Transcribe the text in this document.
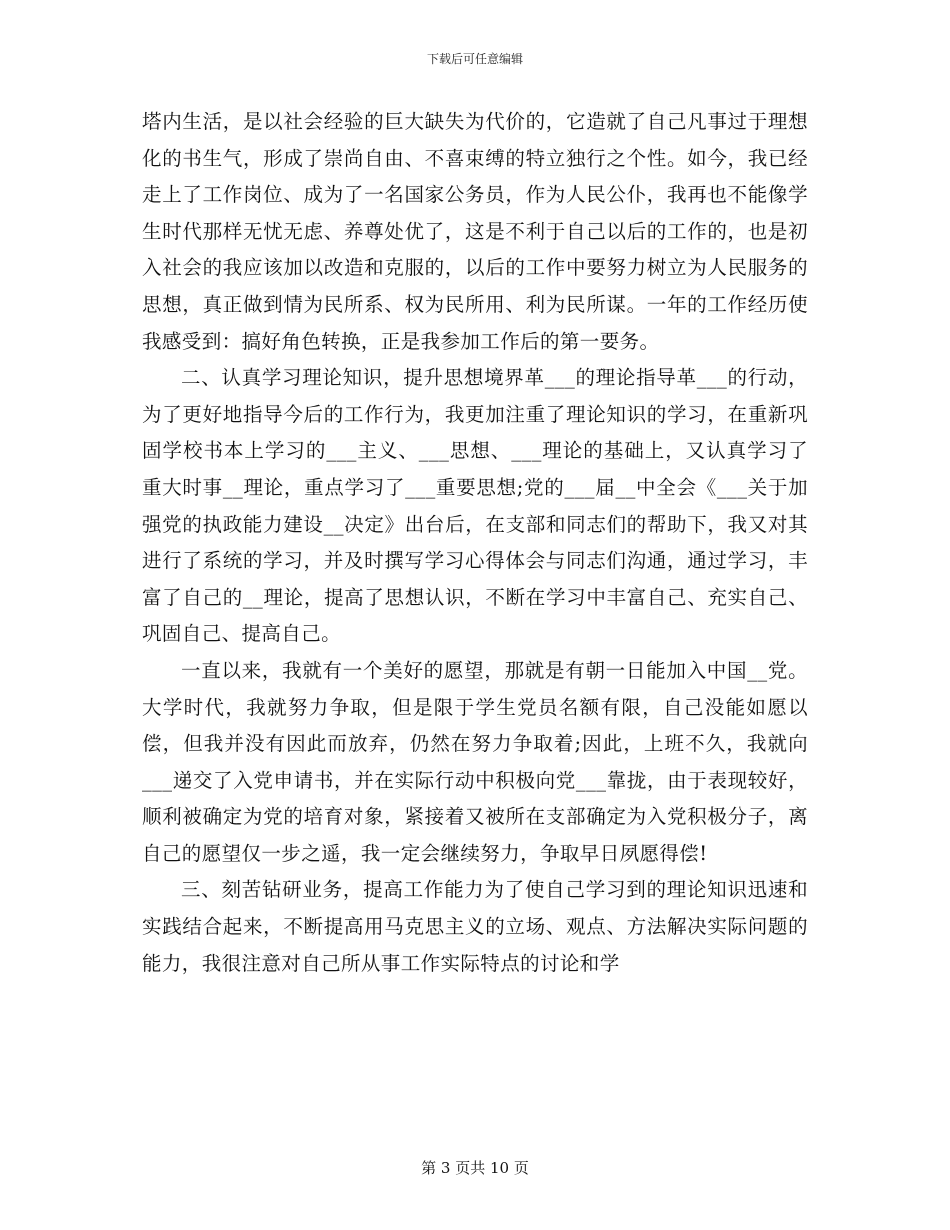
下载后可任意编辑

塔内生活，是以社会经验的巨大缺失为代价的，它造就了自己凡事过于理想化的书生气，形成了崇尚自由、不喜束缚的特立独行之个性。如今，我已经走上了工作岗位、成为了一名国家公务员，作为人民公仆，我再也不能像学生时代那样无忧无虑、养尊处优了，这是不利于自己以后的工作的，也是初入社会的我应该加以改造和克服的，以后的工作中要努力树立为人民服务的思想，真正做到情为民所系、权为民所用、利为民所谋。一年的工作经历使我感受到：搞好角色转换，正是我参加工作后的第一要务。

二、认真学习理论知识，提升思想境界革___的理论指导革___的行动，为了更好地指导今后的工作行为，我更加注重了理论知识的学习，在重新巩固学校书本上学习的___主义、___思想、___理论的基础上，又认真学习了重大时事__理论，重点学习了___重要思想;党的___届__中全会《___关于加强党的执政能力建设__决定》出台后，在支部和同志们的帮助下，我又对其进行了系统的学习，并及时撰写学习心得体会与同志们沟通，通过学习，丰富了自己的__理论，提高了思想认识，不断在学习中丰富自己、充实自己、巩固自己、提高自己。

一直以来，我就有一个美好的愿望，那就是有朝一日能加入中国__党。大学时代，我就努力争取，但是限于学生党员名额有限，自己没能如愿以偿，但我并没有因此而放弃，仍然在努力争取着;因此，上班不久，我就向___递交了入党申请书，并在实际行动中积极向党___靠拢，由于表现较好，顺利被确定为党的培育对象，紧接着又被所在支部确定为入党积极分子，离自己的愿望仅一步之遥，我一定会继续努力，争取早日夙愿得偿!

三、刻苦钻研业务，提高工作能力为了使自己学习到的理论知识迅速和实践结合起来，不断提高用马克思主义的立场、观点、方法解决实际问题的能力，我很注意对自己所从事工作实际特点的讨论和学

第 3 页共 10 页
